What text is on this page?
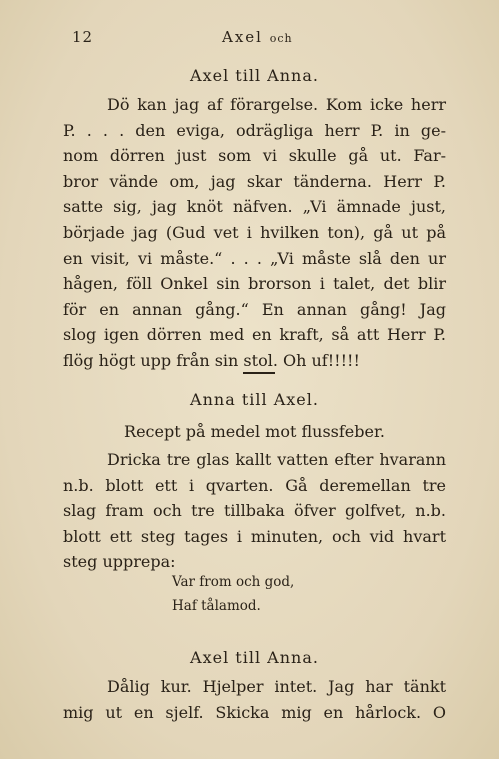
12	Axel och
Axel till Anna.
Dö kan jag af förargelse. Kom icke herr
P. . . . den eviga, odrägliga herr P. in ge-
nom dörren just som vi skulle gå ut. Far-
bror vände om, jag skar tänderna. Herr P.
satte sig, jag knöt näfven. „Vi ämnade just,
började jag (Gud vet i hvilken ton), gå ut på
en visit, vi måste.“ . . . „Vi måste slå den ur
hågen, föll Onkel sin brorson i talet, det blir
för en annan gång.“ En annan gång! Jag
slog igen dörren med en kraft, så att Herr P.
flög högt upp från sin stol. Oh uf!!!!!
Anna till Axel.
Recept på medel mot flussfeber.
Dricka tre glas kallt vatten efter hvarann
n.b. blott ett i qvarten. Gå deremellan tre
slag fram och tre tillbaka öfver golfvet, n.b.
blott ett steg tages i minuten, och vid hvart
steg upprepa:
Var from och god,
Haf tålamod.
Axel till Anna.
Dålig kur. Hjelper intet. Jag har tänkt
mig ut en sjelf. Skicka mig en hårlock. O
